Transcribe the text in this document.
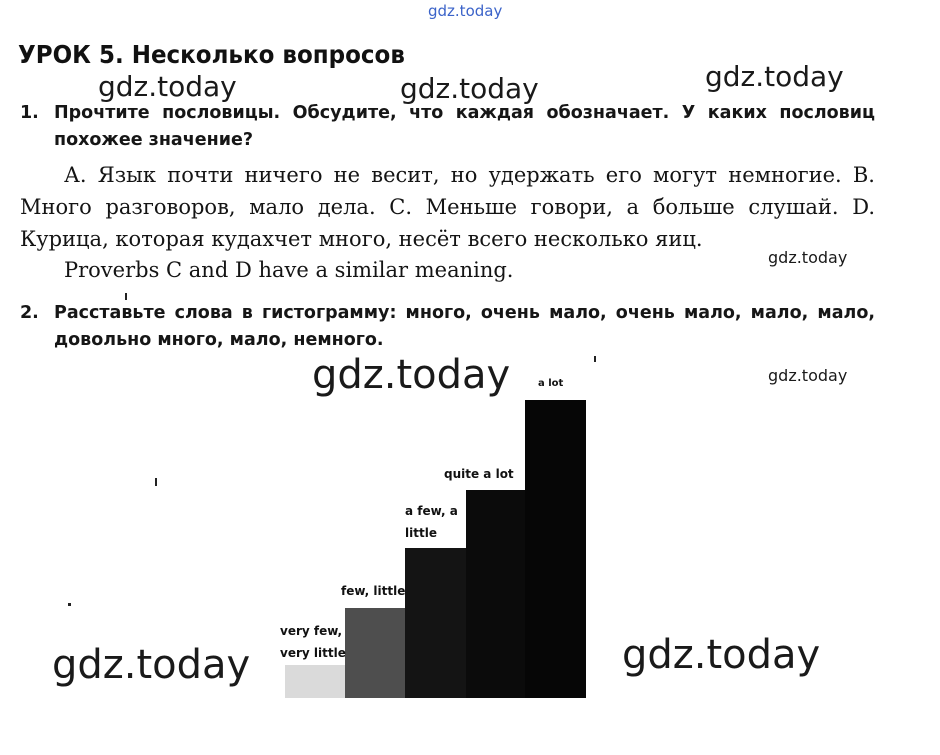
gdz.today
gdz.today	gdz.today	gdz.today
gdz.today
gdz.today
gdz.today
gdz.today	gdz.today
УРОК 5. Несколько вопросов
1. Прочтите пословицы. Обсудите, что каждая обозначает. У каких пословиц похожее значение?
А. Язык почти ничего не весит, но удержать его могут немногие. В. Много разговоров, мало дела. С. Меньше говори, а больше слушай. D. Курица, которая кудахчет много, несёт всего несколько яиц.
Proverbs C and D have a similar meaning.
2. Расставьте слова в гистограмму: много, очень мало, очень мало, мало, мало, довольно много, мало, немного.
very few,
very little
few, little
a few, a
little
quite a lot
a lot
